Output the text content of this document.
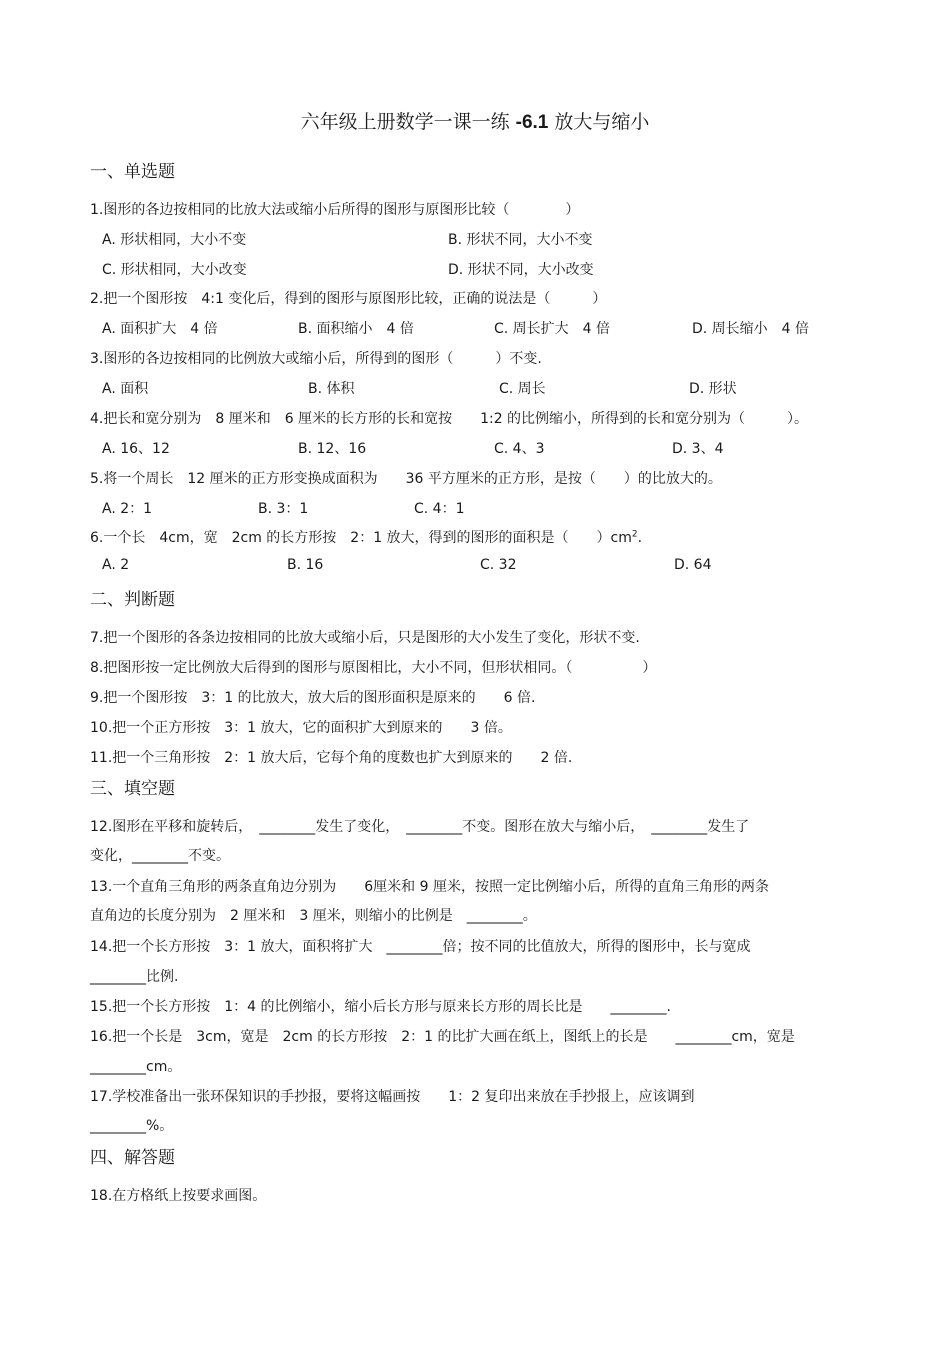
六年级上册数学一课一练 -6.1 放大与缩小
一、单选题
1.图形的各边按相同的比放大法或缩小后所得的图形与原图形比较（　　　　）
A. 形状相同，大小不变	B. 形状不同，大小不变
C. 形状相同，大小改变	D. 形状不同，大小改变
2.把一个图形按　4:1 变化后，得到的图形与原图形比较，正确的说法是（　　　）
A. 面积扩大　4 倍	B. 面积缩小　4 倍	C. 周长扩大　4 倍	D. 周长缩小　4 倍
3.图形的各边按相同的比例放大或缩小后，所得到的图形（　　　）不变.
A. 面积	B. 体积	C. 周长	D. 形状
4.把长和宽分别为　8 厘米和　6 厘米的长方形的长和宽按　　1:2 的比例缩小，所得到的长和宽分别为（　　　）。
A. 16、12	B. 12、16	C. 4、3	D. 3、4
5.将一个周长　12 厘米的正方形变换成面积为　　36 平方厘米的正方形，是按（　　）的比放大的。
A. 2：1	B. 3：1	C. 4：1
6.一个长　4cm，宽　2cm 的长方形按　2：1 放大，得到的图形的面积是（　　）$cm^2$.
A. 2	B. 16	C. 32	D. 64
二、判断题
7.把一个图形的各条边按相同的比放大或缩小后，只是图形的大小发生了变化，形状不变.
8.把图形按一定比例放大后得到的图形与原图相比，大小不同，但形状相同。（　　　　　）
9.把一个图形按　3：1 的比放大，放大后的图形面积是原来的　　6 倍.
10.把一个正方形按　3：1 放大，它的面积扩大到原来的　　3 倍。
11.把一个三角形按　2：1 放大后，它每个角的度数也扩大到原来的　　2 倍.
三、填空题
12.图形在平移和旋转后，　________发生了变化，　________不变。图形在放大与缩小后，　________发生了
变化，________不变。
13.一个直角三角形的两条直角边分别为　　6厘米和 9 厘米，按照一定比例缩小后，所得的直角三角形的两条
直角边的长度分别为　2 厘米和　3 厘米，则缩小的比例是　________。
14.把一个长方形按　3：1 放大，面积将扩大　________倍；按不同的比值放大，所得的图形中，长与宽成
________比例.
15.把一个长方形按　1：4 的比例缩小，缩小后长方形与原来长方形的周长比是　　________.
16.把一个长是　3cm，宽是　2cm 的长方形按　2：1 的比扩大画在纸上，图纸上的长是　　________cm，宽是
________cm。
17.学校准备出一张环保知识的手抄报，要将这幅画按　　1：2 复印出来放在手抄报上，应该调到
________%。
四、解答题
18.在方格纸上按要求画图。
